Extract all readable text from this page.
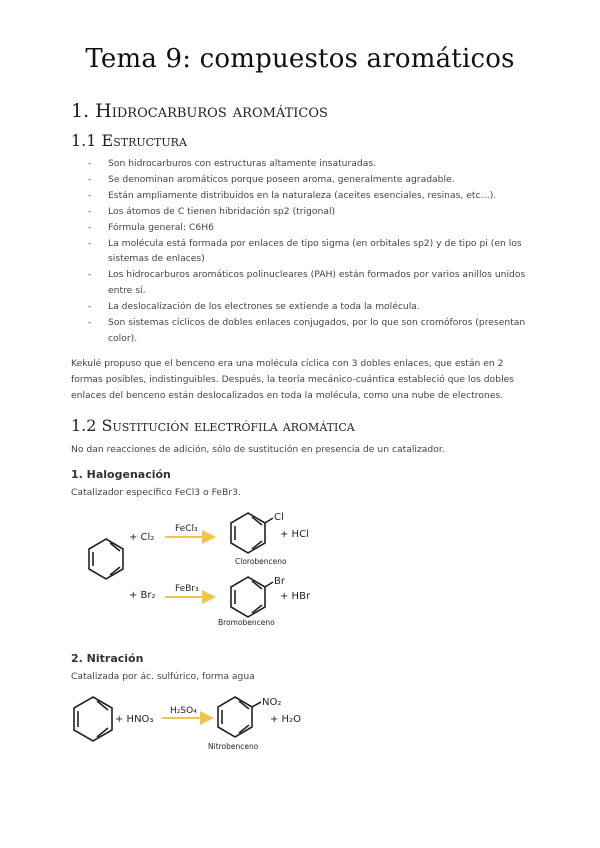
Tema 9: compuestos aromáticos
1. Hidrocarburos aromáticos
1.1 Estructura
- Son hidrocarburos con estructuras altamente insaturadas.
- Se denominan aromáticos porque poseen aroma, generalmente agradable.
- Están ampliamente distribuidos en la naturaleza (aceites esenciales, resinas, etc…).
- Los átomos de C tienen hibridación sp2 (trigonal)
- Fórmula general: C6H6
- La molécula está formada por enlaces de tipo sigma (en orbitales sp2) y de tipo pi (en los sistemas de enlaces)
- Los hidrocarburos aromáticos polinucleares (PAH) están formados por varios anillos unidos entre sí.
- La deslocalización de los electrones se extiende a toda la molécula.
- Son sistemas cíclicos de dobles enlaces conjugados, por lo que son cromóforos (presentan color).

Kekulé propuso que el benceno era una molécula cíclica con 3 dobles enlaces, que están en 2 formas posibles, indistinguibles. Después, la teoría mecánico-cuántica estableció que los dobles enlaces del benceno están deslocalizados en toda la molécula, como una nube de electrones.

1.2 Sustitución electrófila aromática
No dan reacciones de adición, sólo de sustitución en presencia de un catalizador.
1. Halogenación
Catalizador específico FeCl3 o FeBr3.
2. Nitración
Catalizada por ác. sulfúrico, forma agua
+ Cl₂
FeCl₃
Cl
+ HCl
Clorobenceno
+ Br₂
FeBr₃
Br
+ HBr
Bromobenceno
+ HNO₃
H₂SO₄
NO₂
+ H₂O
Nitrobenceno
